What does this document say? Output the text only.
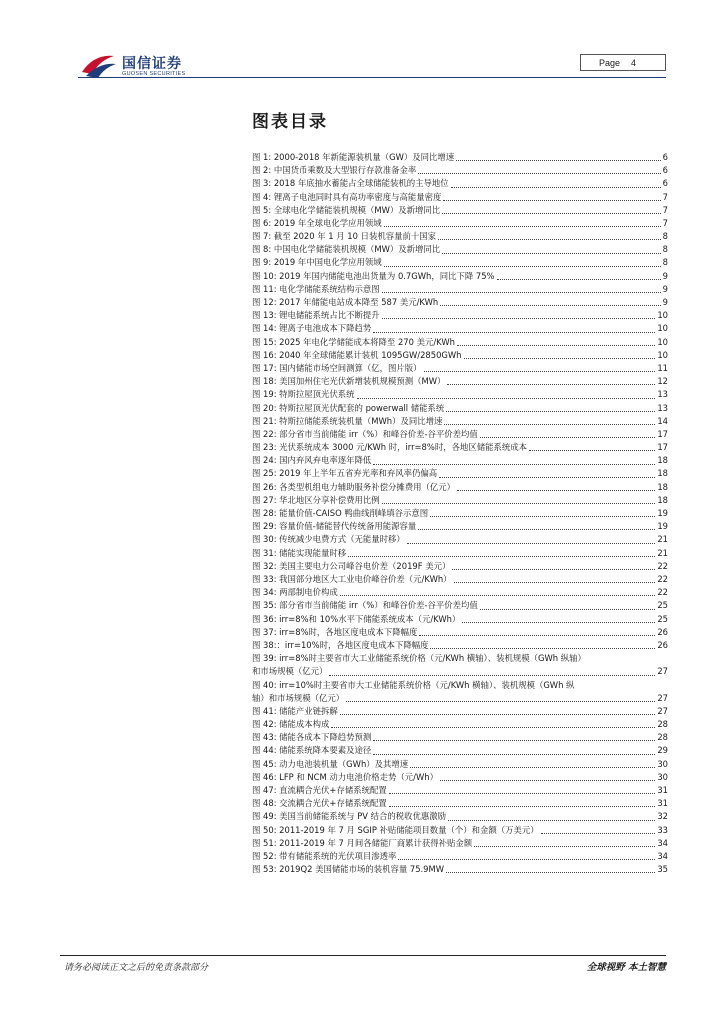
国信证券
GUOSEN SECURITIES
Page 4
图表目录
图 1: 2000-2018 年新能源装机量（GW）及同比增速	6
图 2: 中国货币乘数及大型银行存款准备金率	6
图 3: 2018 年底抽水蓄能占全球储能装机的主导地位	6
图 4: 锂离子电池同时具有高功率密度与高能量密度	7
图 5: 全球电化学储能装机规模（MW）及新增同比	7
图 6: 2019 年全球电化学应用领域	7
图 7: 截至 2020 年 1 月 10 日装机容量前十国家	8
图 8: 中国电化学储能装机规模（MW）及新增同比	8
图 9: 2019 年中国电化学应用领域	8
图 10: 2019 年国内储能电池出货量为 0.7GWh，同比下降 75%	9
图 11: 电化学储能系统结构示意图	9
图 12: 2017 年储能电站成本降至 587 美元/KWh	9
图 13: 锂电储能系统占比不断提升	10
图 14: 锂离子电池成本下降趋势	10
图 15: 2025 年电化学储能成本将降至 270 美元/KWh	10
图 16: 2040 年全球储能累计装机 1095GW/2850GWh	10
图 17: 国内储能市场空间测算（亿，图片版）	11
图 18: 美国加州住宅光伏新增装机规模预测（MW）	12
图 19: 特斯拉屋顶光伏系统	13
图 20: 特斯拉屋顶光伏配套的 powerwall 储能系统	13
图 21: 特斯拉储能系统装机量（MWh）及同比增速	14
图 22: 部分省市当前储能 irr（%）和峰谷价差-谷平价差均值	17
图 23: 光伏系统成本 3000 元/KWh 时，irr=8%时，各地区储能系统成本	17
图 24: 国内弃风弃电率逐年降低	18
图 25: 2019 年上半年五省弃光率和弃风率仍偏高	18
图 26: 各类型机组电力辅助服务补偿分摊费用（亿元）	18
图 27: 华北地区分享补偿费用比例	18
图 28: 能量价值-CAISO 鸭曲线削峰填谷示意图	19
图 29: 容量价值-储能替代传统备用能源容量	19
图 30: 传统减少电费方式（无能量时移）	21
图 31: 储能实现能量时移	21
图 32: 美国主要电力公司峰谷电价差（2019F 美元）	22
图 33: 我国部分地区大工业电价峰谷价差（元/KWh）	22
图 34: 两部制电价构成	22
图 35: 部分省市当前储能 irr（%）和峰谷价差-谷平价差均值	25
图 36: irr=8%和 10%水平下储能系统成本（元/KWh）	25
图 37: irr=8%时，各地区度电成本下降幅度	26
图 38:：irr=10%时，各地区度电成本下降幅度	26
图 39: irr=8%时主要省市大工业储能系统价格（元/KWh 横轴）、装机规模（GWh 纵轴）
和市场规模（亿元）	27
图 40: irr=10%时主要省市大工业储能系统价格（元/KWh 横轴）、装机规模（GWh 纵
轴）和市场规模（亿元）	27
图 41: 储能产业链拆解	27
图 42: 储能成本构成	28
图 43: 储能各成本下降趋势预测	28
图 44: 储能系统降本要素及途径	29
图 45: 动力电池装机量（GWh）及其增速	30
图 46: LFP 和 NCM 动力电池价格走势（元/Wh）	30
图 47: 直流耦合光伏+存储系统配置	31
图 48: 交流耦合光伏+存储系统配置	31
图 49: 美国当前储能系统与 PV 结合的税收优惠激励	32
图 50: 2011-2019 年 7 月 SGIP 补贴储能项目数量（个）和金额（万美元）	33
图 51: 2011-2019 年 7 月间各储能厂商累计获得补贴金额	34
图 52: 带有储能系统的光伏项目渗透率	34
图 53: 2019Q2 美国储能市场的装机容量 75.9MW	35
请务必阅读正文之后的免责条款部分	全球视野 本土智慧
